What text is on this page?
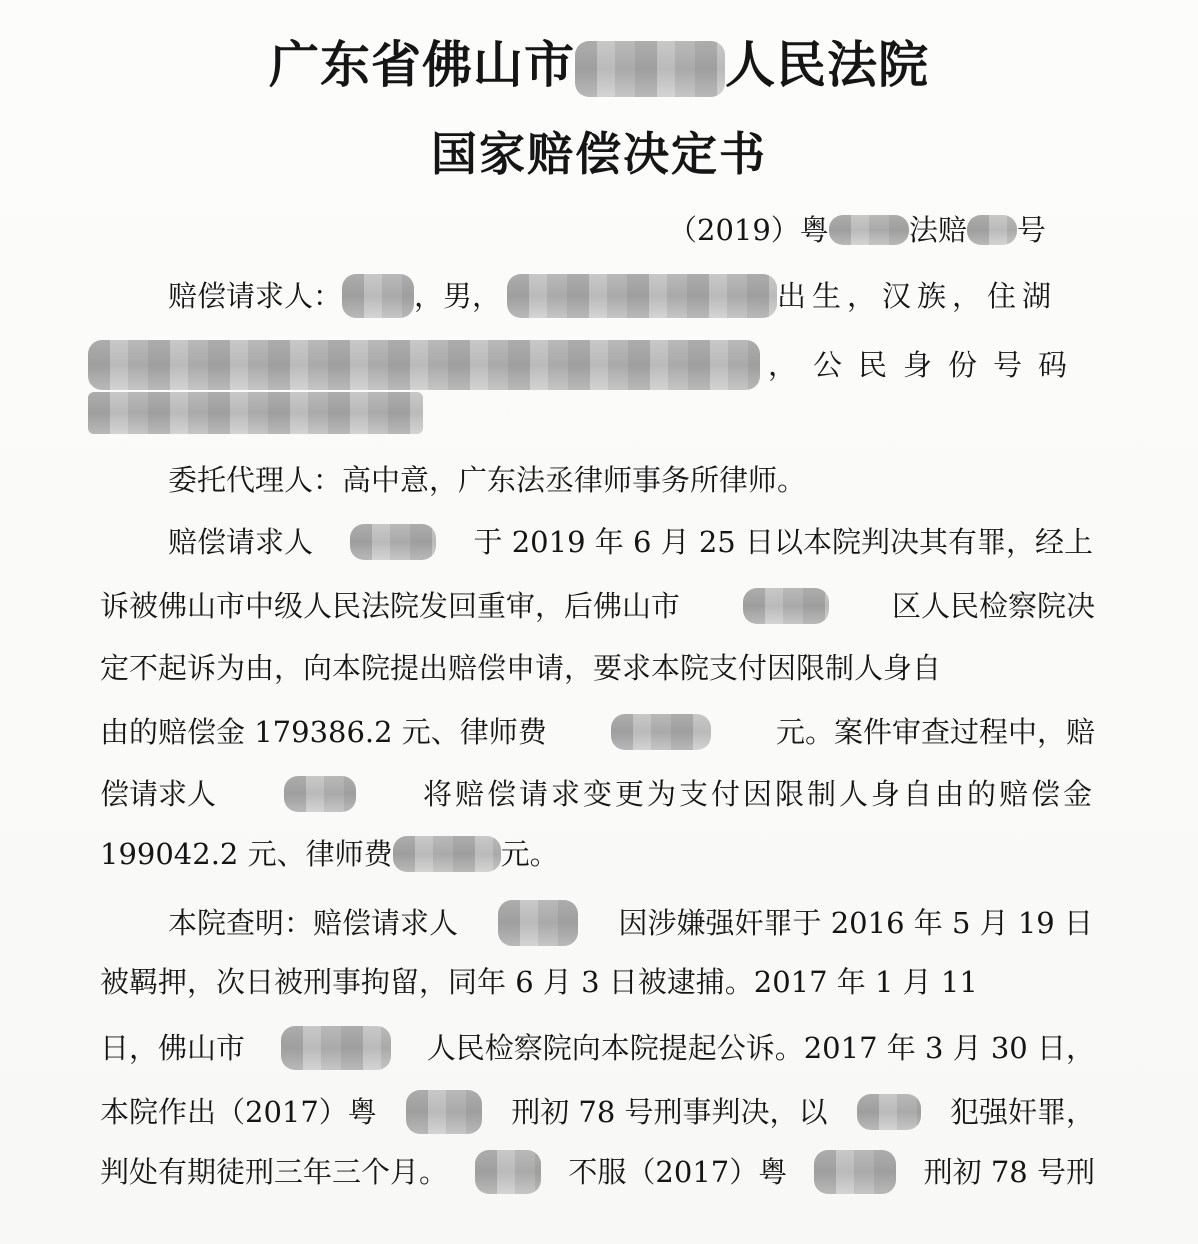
广东省佛山市	人民法院
国家赔偿决定书
（2019）粤	法赔 号
赔偿请求人： ，男，	出生，汉族，住湖
，公民身份号码
委托代理人：高中意，广东法丞律师事务所律师。
赔偿请求人	于 2019 年 6 月 25 日以本院判决其有罪，经上
诉被佛山市中级人民法院发回重审，后佛山市	区人民检察院决
定不起诉为由，向本院提出赔偿申请，要求本院支付因限制人身自
由的赔偿金 179386.2 元、律师费	元。案件审查过程中，赔
偿请求人	将赔偿请求变更为支付因限制人身自由的赔偿金
199042.2 元、律师费	元。
本院查明：赔偿请求人	因涉嫌强奸罪于 2016 年 5 月 19 日
被羁押，次日被刑事拘留，同年 6 月 3 日被逮捕。2017 年 1 月 11
日，佛山市	人民检察院向本院提起公诉。2017 年 3 月 30 日，
本院作出（2017）粤	刑初 78 号刑事判决，以	犯强奸罪，
判处有期徒刑三年三个月。	不服（2017）粤	刑初 78 号刑
